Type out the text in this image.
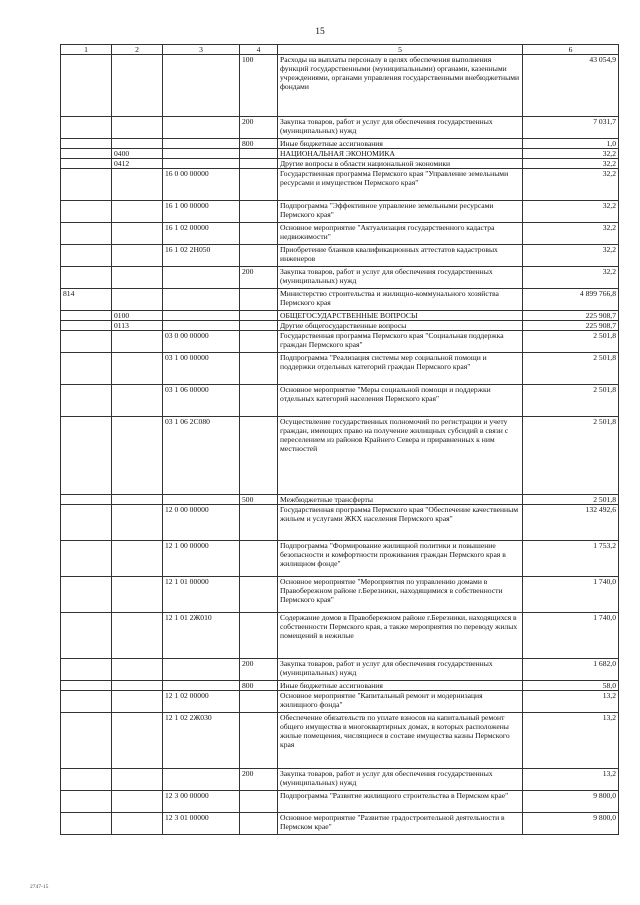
15
1	2	3	4	5	6
			100	Расходы на выплаты персоналу в целях обеспечения выполнения функций государственными (муниципальными) органами, казенными учреждениями, органами управления государственными внебюджетными фондами	43 054,9
			200	Закупка товаров, работ и услуг для обеспечения государственных (муниципальных) нужд	7 031,7
			800	Иные бюджетные ассигнования	1,0
	0400			НАЦИОНАЛЬНАЯ ЭКОНОМИКА	32,2
	0412			Другие вопросы в области национальной экономики	32,2
		16 0 00 00000		Государственная программа Пермского края "Управление земельными ресурсами и имуществом Пермского края"	32,2
		16 1 00 00000		Подпрограмма "Эффективное управление земельными ресурсами Пермского края"	32,2
		16 1 02 00000		Основное мероприятие "Актуализация государственного кадастра недвижимости"	32,2
		16 1 02 2Н050		Приобретение бланков квалификационных аттестатов кадастровых инженеров	32,2
			200	Закупка товаров, работ и услуг для обеспечения государственных (муниципальных) нужд	32,2
814				Министерство строительства и жилищно-коммунального хозяйства Пермского края	4 899 766,8
	0100			ОБЩЕГОСУДАРСТВЕННЫЕ ВОПРОСЫ	225 908,7
	0113			Другие общегосударственные вопросы	225 908,7
		03 0 00 00000		Государственная программа Пермского края "Социальная поддержка граждан Пермского края"	2 501,8
		03 1 00 00000		Подпрограмма "Реализация системы мер социальной помощи и поддержки отдельных категорий граждан Пермского края"	2 501,8
		03 1 06 00000		Основное мероприятие "Меры социальной помощи и поддержки отдельных категорий населения Пермского края"	2 501,8
		03 1 06 2С080		Осуществление государственных полномочий по регистрации и учету граждан, имеющих право на получение жилищных субсидий в связи с переселением из районов Крайнего Севера и приравненных к ним местностей	2 501,8
			500	Межбюджетные трансферты	2 501,8
		12 0 00 00000		Государственная программа Пермского края "Обеспечение качественным жильем и услугами ЖКХ населения Пермского края"	132 492,6
		12 1 00 00000		Подпрограмма "Формирование жилищной политики и повышение безопасности и комфортности проживания граждан Пермского края в жилищном фонде"	1 753,2
		12 1 01 00000		Основное мероприятие "Мероприятия по управлению домами в Правобережном районе г.Березники, находящимися в собственности Пермского края"	1 740,0
		12 1 01 2Ж010		Содержание домов в Правобережном районе г.Березники, находящихся в собственности Пермского края, а также мероприятия по переводу жилых помещений в нежилые	1 740,0
			200	Закупка товаров, работ и услуг для обеспечения государственных (муниципальных) нужд	1 682,0
			800	Иные бюджетные ассигнования	58,0
		12 1 02 00000		Основное мероприятие "Капитальный ремонт и модернизация жилищного фонда"	13,2
		12 1 02 2Ж030		Обеспечение обязательств по уплате взносов на капитальный ремонт общего имущества в многоквартирных домах, в которых расположены жилые помещения, числящиеся в составе имущества казны Пермского края	13,2
			200	Закупка товаров, работ и услуг для обеспечения государственных (муниципальных) нужд	13,2
		12 3 00 00000		Подпрограмма "Развитие жилищного строительства в Пермском крае"	9 800,0
		12 3 01 00000		Основное мероприятие "Развитие градостроительной деятельности в Пермском крае"	9 800,0
2747-15
